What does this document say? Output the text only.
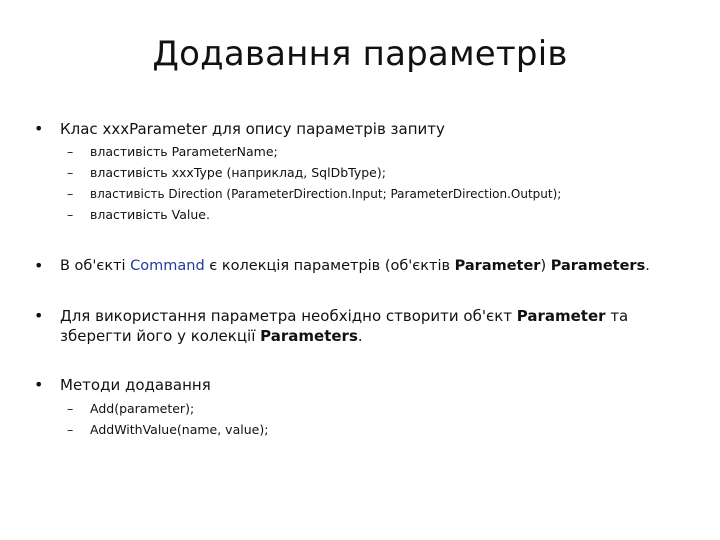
Додавання параметрів
• Клас xxxParameter для опису параметрів запиту
– властивість ParameterName;
– властивість xxxType (наприклад, SqlDbType);
– властивість Direction (ParameterDirection.Input; ParameterDirection.Output);
– властивість Value.
• В об'єкті Command є колекція параметрів (об'єктів Parameter) Parameters.
• Для використання параметра необхідно створити об'єкт Parameter та зберегти його у колекції Parameters.
• Методи додавання
– Add(parameter);
– AddWithValue(name, value);
